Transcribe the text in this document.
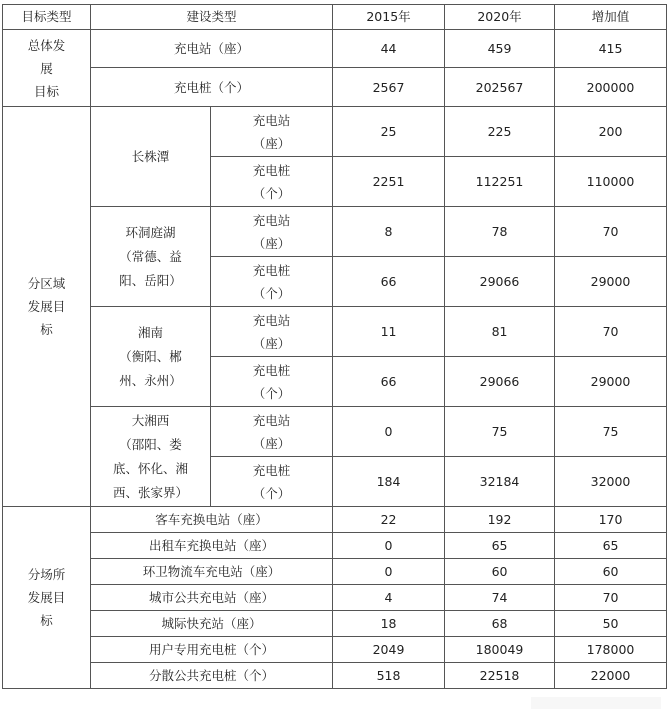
目标类型	建设类型		2015年	2020年	增加值

总体发
展
目标	充电站（座）		44	459	415
	充电桩（个）		2567	202567	200000

分区域
发展目
标	长株潭	充电站
（座）	25	225	200

		充电桩
（个）	2251	112251	110000

	环洞庭湖
（常德、益
阳、岳阳）	充电站
（座）	8	78	70

		充电桩
（个）	66	29066	29000

	湘南
（衡阳、郴
州、永州）	充电站
（座）	11	81	70

		充电桩
（个）	66	29066	29000

	大湘西
（邵阳、娄
底、怀化、湘
西、张家界）	充电站
（座）	0	75	75

		充电桩
（个）	184	32184	32000

分场所
发展目
标	客车充换电站（座）		22	192	170
	出租车充换电站（座）		0	65	65
	环卫物流车充电站（座）		0	60	60
	城市公共充电站（座）		4	74	70
	城际快充站（座）		18	68	50
	用户专用充电桩（个）		2049	180049	178000
	分散公共充电桩（个）		518	22518	22000
